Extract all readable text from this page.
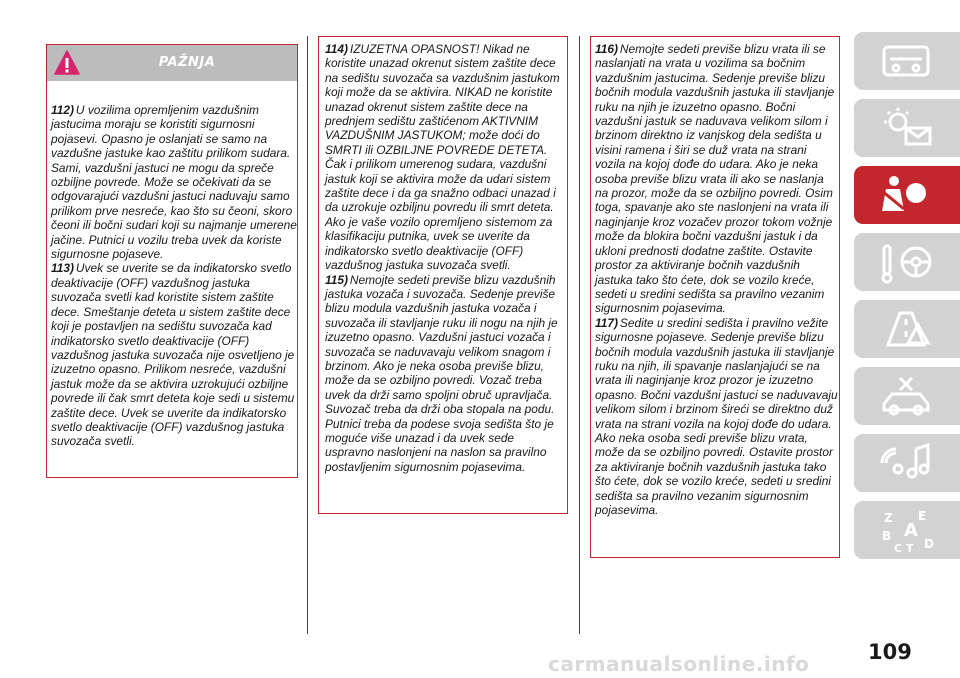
PAŽNJA

112) U vozilima opremljenim vazdušnim jastucima moraju se koristiti sigurnosni pojasevi. Opasno je oslanjati se samo na vazdušne jastuke kao zaštitu prilikom sudara. Sami, vazdušni jastuci ne mogu da spreče ozbiljne povrede. Može se očekivati da se odgovarajući vazdušni jastuci naduvaju samo prilikom prve nesreće, kao što su čeoni, skoro čeoni ili bočni sudari koji su najmanje umerene jačine. Putnici u vozilu treba uvek da koriste sigurnosne pojaseve.

113) Uvek se uverite se da indikatorsko svetlo deaktivacije (OFF) vazdušnog jastuka suvozača svetli kad koristite sistem zaštite dece. Smeštanje deteta u sistem zaštite dece koji je postavljen na sedištu suvozača kad indikatorsko svetlo deaktivacije (OFF) vazdušnog jastuka suvozača nije osvetljeno je izuzetno opasno. Prilikom nesreće, vazdušni jastuk može da se aktivira uzrokujući ozbiljne povrede ili čak smrt deteta koje sedi u sistemu zaštite dece. Uvek se uverite da indikatorsko svetlo deaktivacije (OFF) vazdušnog jastuka suvozača svetli.

114) IZUZETNA OPASNOST! Nikad ne koristite unazad okrenut sistem zaštite dece na sedištu suvozača sa vazdušnim jastukom koji može da se aktivira. NIKAD ne koristite unazad okrenut sistem zaštite dece na prednjem sedištu zaštićenom AKTIVNIM VAZDUŠNIM JASTUKOM; može doći do SMRTI ili OZBILJNE POVREDE DETETA. Čak i prilikom umerenog sudara, vazdušni jastuk koji se aktivira može da udari sistem zaštite dece i da ga snažno odbaci unazad i da uzrokuje ozbiljnu povredu ili smrt deteta. Ako je vaše vozilo opremljeno sistemom za klasifikaciju putnika, uvek se uverite da indikatorsko svetlo deaktivacije (OFF) vazdušnog jastuka suvozača svetli.

115) Nemojte sedeti previše blizu vazdušnih jastuka vozača i suvozača. Sedenje previše blizu modula vazdušnih jastuka vozača i suvozača ili stavljanje ruku ili nogu na njih je izuzetno opasno. Vazdušni jastuci vozača i suvozača se naduvavaju velikom snagom i brzinom. Ako je neka osoba previše blizu, može da se ozbiljno povredi. Vozač treba uvek da drži samo spoljni obruč upravljača. Suvozač treba da drži oba stopala na podu. Putnici treba da podese svoja sedišta što je moguće više unazad i da uvek sede uspravno naslonjeni na naslon sa pravilno postavljenim sigurnosnim pojasevima.

116) Nemojte sedeti previše blizu vrata ili se naslanjati na vrata u vozilima sa bočnim vazdušnim jastucima. Sedenje previše blizu bočnih modula vazdušnih jastuka ili stavljanje ruku na njih je izuzetno opasno. Bočni vazdušni jastuk se naduvava velikom silom i brzinom direktno iz vanjskog dela sedišta u visini ramena i širi se duž vrata na strani vozila na kojoj dođe do udara. Ako je neka osoba previše blizu vrata ili ako se naslanja na prozor, može da se ozbiljno povredi. Osim toga, spavanje ako ste naslonjeni na vrata ili naginjanje kroz vozačev prozor tokom vožnje može da blokira bočni vazdušni jastuk i da ukloni prednosti dodatne zaštite. Ostavite prostor za aktiviranje bočnih vazdušnih jastuka tako što ćete, dok se vozilo kreće, sedeti u sredini sedišta sa pravilno vezanim sigurnosnim pojasevima.

117) Sedite u sredini sedišta i pravilno vežite sigurnosne pojaseve. Sedenje previše blizu bočnih modula vazdušnih jastuka ili stavljanje ruku na njih, ili spavanje naslanjajući se na vrata ili naginjanje kroz prozor je izuzetno opasno. Bočni vazdušni jastuci se naduvavaju velikom silom i brzinom šireći se direktno duž vrata na strani vozila na kojoj dođe do udara. Ako neka osoba sedi previše blizu vrata, može da se ozbiljno povredi. Ostavite prostor za aktiviranje bočnih vazdušnih jastuka tako što ćete, dok se vozilo kreće, sedeti u sredini sedišta sa pravilno vezanim sigurnosnim pojasevima.

Z E
B A
C T D
109
carmanualsonline.info
